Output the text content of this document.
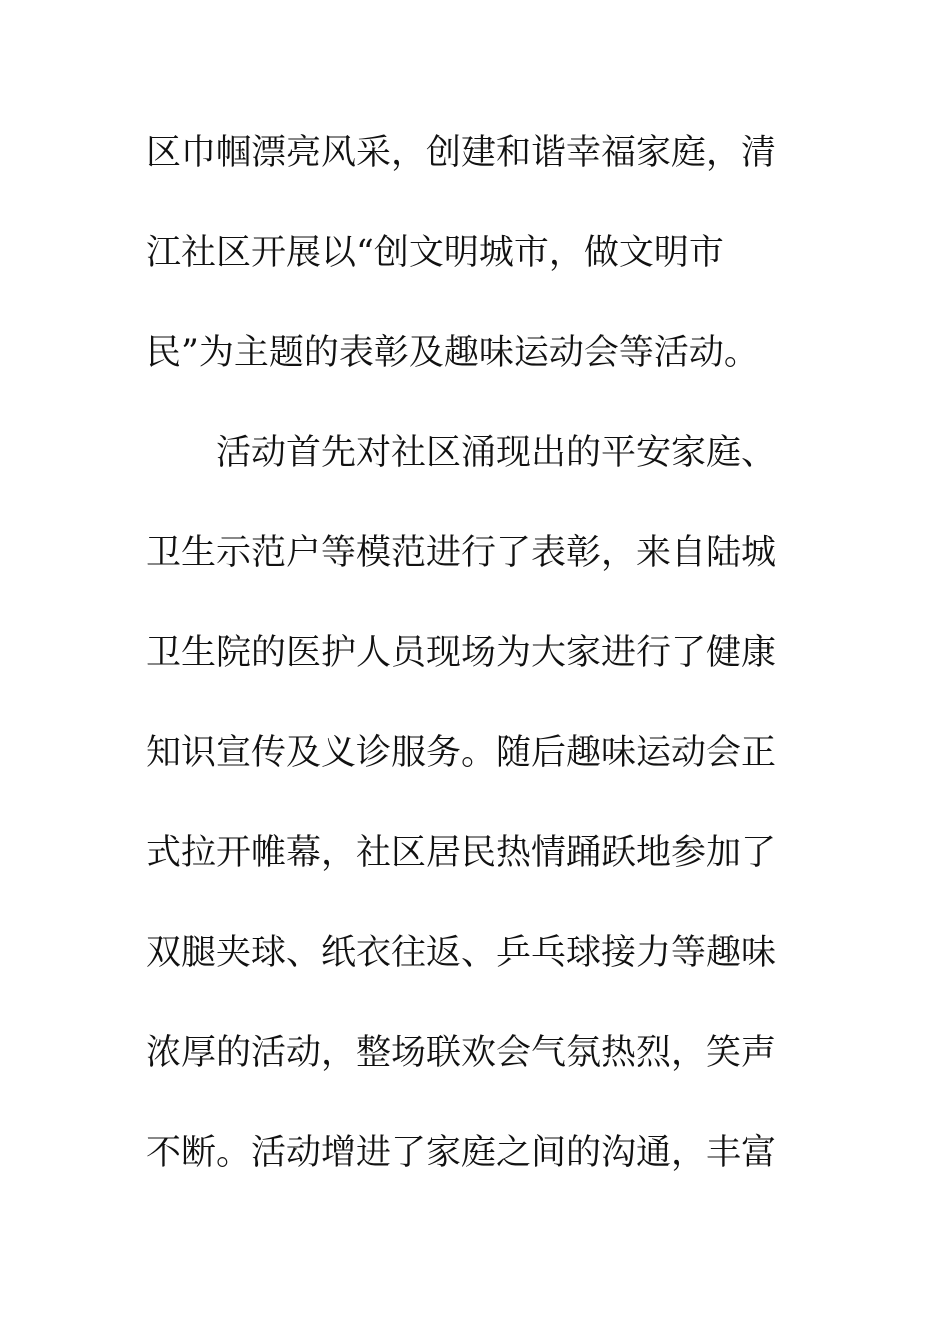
区巾帼漂亮风采，创建和谐幸福家庭，清
江社区开展以“创文明城市，做文明市
民”为主题的表彰及趣味运动会等活动。
活动首先对社区涌现出的平安家庭、
卫生示范户等模范进行了表彰，来自陆城
卫生院的医护人员现场为大家进行了健康
知识宣传及义诊服务。随后趣味运动会正
式拉开帷幕，社区居民热情踊跃地参加了
双腿夹球、纸衣往返、乒乓球接力等趣味
浓厚的活动，整场联欢会气氛热烈，笑声
不断。活动增进了家庭之间的沟通，丰富
